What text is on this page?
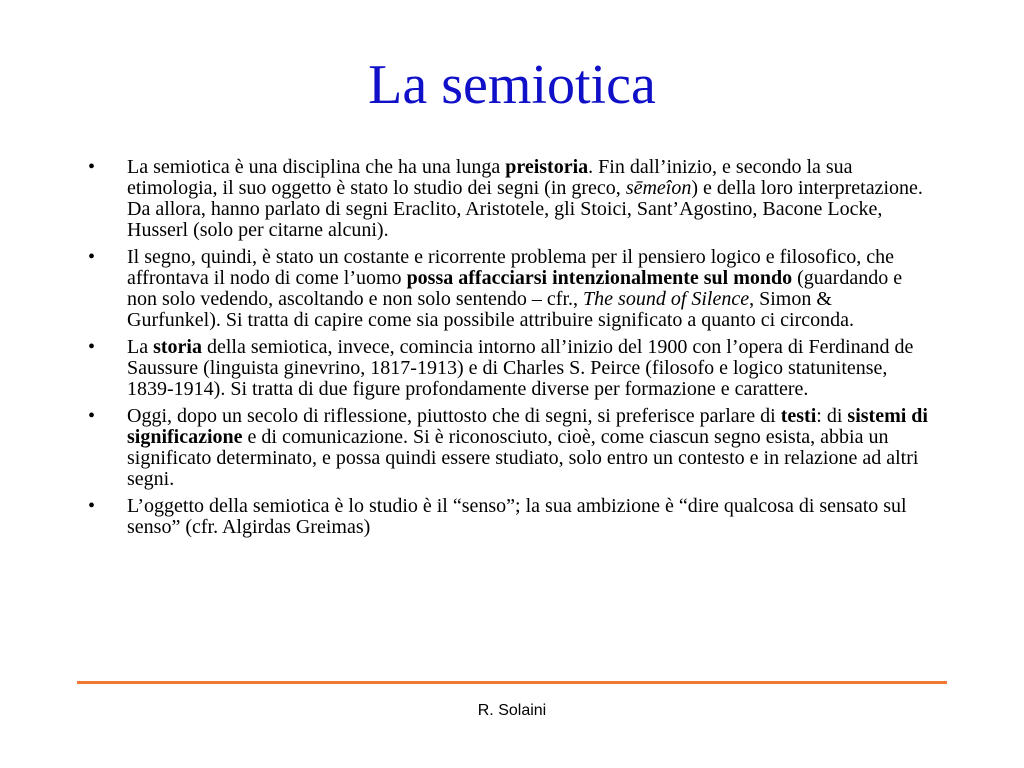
La semiotica
•	La semiotica è una disciplina che ha una lunga preistoria. Fin dall’inizio, e secondo la sua etimologia, il suo oggetto è stato lo studio dei segni (in greco, sēmeîon) e della loro interpretazione. Da allora, hanno parlato di segni Eraclito, Aristotele, gli Stoici, Sant’Agostino, Bacone Locke, Husserl (solo per citarne alcuni).
•	Il segno, quindi, è stato un costante e ricorrente problema per il pensiero logico e filosofico, che affrontava il nodo di come l’uomo possa affacciarsi intenzionalmente sul mondo (guardando e non solo vedendo, ascoltando e non solo sentendo – cfr., The sound of Silence, Simon & Gurfunkel). Si tratta di capire come sia possibile attribuire significato a quanto ci circonda.
•	La storia della semiotica, invece, comincia intorno all’inizio del 1900 con l’opera di Ferdinand de Saussure (linguista ginevrino, 1817-1913) e di Charles S. Peirce (filosofo e logico statunitense, 1839-1914). Si tratta di due figure profondamente diverse per formazione e carattere.
•	Oggi, dopo un secolo di riflessione, piuttosto che di segni, si preferisce parlare di testi: di sistemi di significazione e di comunicazione. Si è riconosciuto, cioè, come ciascun segno esista, abbia un significato determinato, e possa quindi essere studiato, solo entro un contesto e in relazione ad altri segni.
•	L’oggetto della semiotica è lo studio è il “senso”; la sua ambizione è “dire qualcosa di sensato sul senso” (cfr. Algirdas Greimas)
R. Solaini
